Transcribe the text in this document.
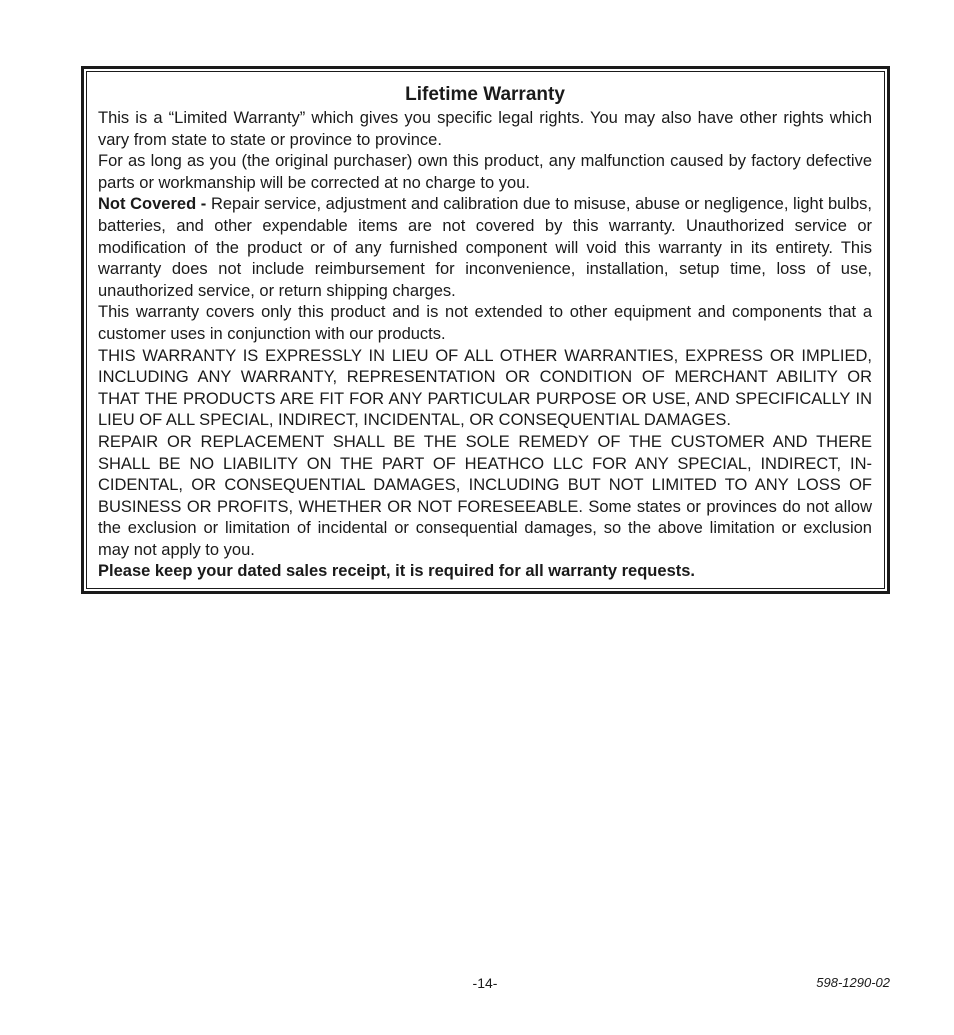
Lifetime Warranty

This is a “Limited Warranty” which gives you specific legal rights. You may also have other rights which vary from state to state or province to province.

For as long as you (the original purchaser) own this product, any malfunction caused by factory defective parts or workmanship will be corrected at no charge to you.

Not Covered - Repair service, adjustment and calibration due to misuse, abuse or negligence, light bulbs, batteries, and other expendable items are not covered by this warranty. Unauthorized service or modification of the product or of any furnished component will void this warranty in its entirety. This warranty does not include reimbursement for inconvenience, installation, setup time, loss of use, unauthorized service, or return shipping charges.

This warranty covers only this product and is not extended to other equipment and components that a customer uses in conjunction with our products.

THIS WARRANTY IS EXPRESSLY IN LIEU OF ALL OTHER WARRANTIES, EXPRESS OR IMPLIED, INCLUDING ANY WARRANTY, REPRESENTATION OR CONDITION OF MERCHANT ABILITY OR THAT THE PRODUCTS ARE FIT FOR ANY PARTICULAR PURPOSE OR USE, AND SPECIFICALLY IN LIEU OF ALL SPECIAL, INDIRECT, INCIDENTAL, OR CONSEQUENTIAL DAMAGES.

REPAIR OR REPLACEMENT SHALL BE THE SOLE REMEDY OF THE CUSTOMER AND THERE SHALL BE NO LIABILITY ON THE PART OF HEATHCO LLC FOR ANY SPECIAL, INDIRECT, INCIDENTAL, OR CONSEQUENTIAL DAMAGES, INCLUDING BUT NOT LIMITED TO ANY LOSS OF BUSINESS OR PROFITS, WHETHER OR NOT FORESEEABLE. Some states or provinces do not allow the exclusion or limitation of incidental or consequential damages, so the above limitation or exclusion may not apply to you.

Please keep your dated sales receipt, it is required for all warranty requests.

-14-	598-1290-02
